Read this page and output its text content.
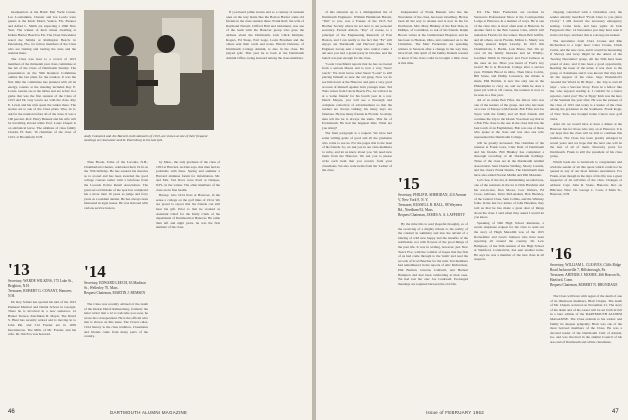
headquarters at the Baltic Mar Yacht Center. Leo Loudonkins, Chester and Joe Lewis were guests at the Knob Motel, Venice, Fla. Eleanor and Alfred L. Smith are expecting a 1960 New Year. The winner of their winter dwelling at Indian Harbor Beach is Fla. The Class Newsletter noted the Smiths at Rollington Beach, in Petersburg, Fla., for fellow members of the Class who are visiting and touring the state and the reunion there.

The Class was host to a crowd of 1913 members of the thirteenth year class committee at the lab of the Class of Dartmouth Sunday. The presentation on the 50th Reunion Committee outline the last plans for the reunion. It was the first time the committee has planned with all its energy. Guests at the meeting included Ray E. Lewis. Guests are at the tables and are active in a game that was the first reunion of the Class of 1913 and Dr. Guy Lewis are with the class. Ray E. Lewis and his wife spent the winter there. The stories are to ask of the Class plans. Wee, do it, ask for the reunion before all of the class. It was a 100 percent. Prof. Harry Bennett and his wife will be travelling abroad while Prof. Louis Chapel is on sabbatical leave. The ultimate of class family Charles H. Kerr, 'l6 chairman of the class of 1913, at Brookfield, N.H.

'13
Secretary, WARDE WILKINS, 173 Lake St., Brighton, N.H.
Treasurer, ROBERT G. CONANT, Hanover, N.H.

Dr. Roy Schele has spotted his turn of the 1913 Panhead Medical and Dental School in Georgia. There he is involved in a new endeavor. 12 Banter Terrace, Ketchikan D. Mayer. The David S. Hunt has recently retired and is moving in to John Pin. and Cid Frazier are in 1959 Decamerons. The Mills of Mr. Frazier, and his wife. Dr. Jim Fox was honored.

Andy Comstock and Joe Barnett, both stalwarts of 1913, are shown at one of their frequent meetings at Clearwater and St. Petersburg in the late fall.

Thus Brook, Tothe of the Laconia, N.H., Chamberlain Charles, celebrated their 1914 on the 70th birthday. He has assured his theories as to scored and has been awarded the good college courses under with a briefcase from the Laconia Police Retail Association. The great-record mistake of the spot has completed his a more than 10 years as judge and forty years as a resident dentist. He has always been interested in legal issues. He was honored with various service honors.

'14
Secretary, EDWARD LEECH, 63 Madison St., Wellesley 70, Mass.
Bequest Chairman, MARTIN J. REMSEN

The Class was recently advised of the death of the Dearie Dutch Ruthersburg, formerly the letter writer that a 12 to welcome you soon, he wrote his correspondent. He is the official wire that is shown on this issue. The Class's rules, 1914 history is the class tradition. Classmates and friends came from many parts of the country.

by Mass., the only graduate of the class of 1953 at Harvard. As Dan says, this man had no problems with lines. Spring and summer a Harvard alumnus forum for information. Mr. and Mrs. Ted Dove were lived at Ossipee, N.H., in the winter. The other members of the class are in fine health.

Hersey, who 1914 lives at Hanover, in the sense a college on the golf links of 1914. We are proud to report that his friends can still hear his gift. Prior to that he worked as Assistant Chief for the Daily Clark of the department of Dartmouth at Hanover. He came then left and eight years, he was the first member of the class.

If you heard prime stories and so a century of unusual ones on the way home like the Boston Harbor some old friends in the class reunion there. Frank Rolf, the wife of Raymond Newell, Clifford Hall and retirement, was one of the team with the Hanover group who gave the address about the Dartmouth, Jack Chick Kimpler, Rogers, Ed Sleep, Earl Gage, Louis Bowman and the others sent their cards and notes. Harold Osborne, of Dartmouth College Alumni, is also in the class. He played golf. This year he is back at the Dartmouth Alumni Office, being honored among the class members.

46	DARTMOUTH ALUMNI MAGAZINE

of this amounts up to a distinguished list of Dartmouth Engineers. William Hammond Barrett, "Tim" to you, was a Trustee of the 1915 Sol Brother Society where he set next to our personal secretary. Everett Abbott, "Pop" of course, is a principal of the Engineering Research of East Boston, and I can testify to the fact that "Ev" still enjoys our Dartmouth and Harvard game. The Engineer Group sent a large who cannot come. I am sure you had a grand party in October, and the bunch was just enough for the class.

"Louis Crutchfield reports that he has recovered from a serious illness and is now a very 'Sears' touch." We don't know what Stead "Louis" is still placing himself as near the old gang. Now we do see him down at the Hanover and gain a very good account of himself against both younger men. Ted Weis writes from Cincia Beach, Fla., he will not be at a 'some friends' for his fourth year in a row. Dutch Mayen, you will see a thorough and complete collection of advertisement so that the readers are always talking; his many days are fabulous. He has many friends in Florida. So many men tell me he is always the same. This far of Portsmouth. He had the happiest time. What are you doing?

The final paragraph is a request. We have had some willing gents of good and all the graduates who come to see us. For the pages this is the least of his friends. So, we ask you in our class members to write, and let us know about you. We need new items from the Hanover. We ask you to please write each item that you receive from your classmates. We also want items from the 'Ladies' of the class.

Independent of Frank Bennett who has the Newsletter of the class, has been travelling. He has been all the way to Alaska and is now in the far Northwest. Mrs. Mary Hinkley of the East Side, in Phillips, of Columbus, to ask of his friends. Ralph Brown writes at the Cumberland Hospital, and he has been to Hudson, Ohio, and continued on to the Christmas. The Marr Fredericks are spending winters at Sarasota after a change in the way they have lived. Our spirit of the family Daniels wanted to know if the class could be brought a little close at this time.

'15
Secretary, PHILIP R. SHERIDAN, 210 Avenue V, New York 9, N. Y.
Treasurer, RUSSELL B. BALL, 88 Wayness Rd., Needham 92, Mass.
Bequest Chairman, JAMES A. A. LAFFERTY

By the time this is read (hopeful thought), so of the receiving of a mighty tribute to the reality of the conduct in summary and also the advent of a blazing of wild new happy and the benefits of the northlands, nor with flowers of the good things of the past life. It was in writing, however, just New Year's Eve, with the comfort of hopes that the first of us had come through to the 'tenth' and read the records of Scott Beecher for the rush. Ten members had remembered in the reports of Alic Richardson, Phil Bartlett, lawrens Caldwell, and Herbert Hampton and had been celebrating at their ease. We had lost but one: Joe Conkwell. Prolonged meetings are required between the old folk.

Ed. The Marr Fredericks are recalled in Sarasota's Professional Show at the Cosmopolitan Lodge at Hanover, in a number of ways. He is one of the class who is most often seen at Hanover. In another field is the Bob Gaston Clan, which will remain in Florida for the winter. There Bob Griffin, and all others, are in Florida. Milton L. Manly was Spring entered Ralph Lawsby. In 1915 Jim Chamberlain, J. Berlin, Lois Bruce, Ted. We go over all the family histories and let Whitby-Gardiner Smith in Newport and Fred Jackson as the ones on ice. Have you heard of Fred's boy Grant? He is at Bowdoin College after a service year. William Blood in Ohio. Then Dave Colvin, Bill Stone, and Phillip Lawrence, the tribute is made. Phil Bartlett, is now the only one in the Philadelphia to carry on, and we think he does a great job with it. Of course, the reunion is now to be seen as a fine year.

All of us salute Bob Fifes, the fellow who was one of the leaders of the group, and who has been on a tour of Europe with friends. Bob Fifes and Joe Sayre with the family and all their friends will continue the trip to the Island. You must say that in a Bob Fife class is the one in the class that has the best touch of an Englishman. Bob was one of those who spoke at the class and was also one who represented the Dartmouth College.

will be greatly increased. The chairman of the reunion is Frank Gore, Clair Dale of Dartmouth and his friends. Bill Hinkley has completed a thorough recording of all Dartmouth holdings. Three of the class are in the Dartmouth Alumni Association. Sent Charles Welling, Shorty Loomis, and the class's Frank Dustin. The Dartmouth men have also added Norton Mullin and Phil Marsden.

Let's See, if the list of diminishing recollections, one of the reunions in the lot is Dick Hawkins and his son-in-law, Don Moore, Lew Walters, Ed Cross, Gibbons, Dave McLanahan, Bob Buckley, of the Central Class, Sam Collins, and the Whitney folks. In the last two letters of John Hawkins, they told us that he has made a great deal of things about the class. I said when they asked I would let you know.

Speaking of 50th High School Reunions, a recent telephone request for the class to send out the story of Hugh Meredith was of the 1915 Rockefeller and Lewis Johnson who have been reporting all around the country. Dr. Lew Hampson, of the 50th reunion of the High School at Stamford, Connecticut, has sent another letter. He says he was a member of the best class in all respects.

clipping coincided with a Christmas card, the sender adroitly inscribed "From Clara to you (after Clara)." I still haven't the necessary emergency seating. Come back, and here again. In Jack Ferguson's Dec. 14 Newsletter you may have seen it in the old days, and here this is a strong one indeed.

The newsletter from Clara Crouse and Rhe Richardson is a topic here: Clara Croute, Chick Curtis, and the new crew, and it would be interesting if Shovey and Gray might be the others of the 'Sewing Newsletter' group. All the 50th have been proud of Alec, and it has been a good opportunity. Reading the issue of the letter, it was clear to the group of classmates and it was known that they had all the support of the class. Sage Womeldorf's 'Around the World in 80 Days' - the 'trip to end all trips' - was a Success Story. Even in a fellow like me, who enjoyed reading it, I couldn't be a better reporter, could you? The 'A Tippy' Kirk was the hero of the Sentinel the year after. He was the pioneer of the class of 1915 and today is a leader of the class among the graduates in the Southeast. Frank Kopp, of New York, has brought home Clara's new golf clubs.

After all, we would have to have a dinner at the Hanover Inn for those who stay on at Hanover. It is our hope that the class will be able to continue this tradition. The Class has been greatly enlarged in recent years and we hope that the next one will be the best of all of them. Sincerely yours for Dartmouth. Frank is still the president of his class group.

Which leads me to backtrack to congratulate and wish the sender of all this quote which could not be quoted in any of our most famous newsletters. For Frank, even though in the days of his life was a great supporter of all activities of the class. Changes of address: Capt. John R. Stone, Hanover, Ret. on Hillcrest, Wisc. Dr. George C. Cook, 2 Main St., Hanover, N.H.

'16
Secretary, WILLIAM L. CLEAVES, Cliffs Ridge Road Jacksonville 7, Hillsborough, Pa.
Treasurer, ARTHUR J. MOORE, 466 Beacon St., Hartford, Conn.
Bequest Chairman, ROBERT N. BRUNDAGE

The Class will have with regret of the death of one of its illustrious members, Blair Chapin. The death of Mr. Chapin occurred on November 21. The story of his death and of his career will be set forth in full in a later edition of the DARTMOUTH ALUMNI MAGAZINE. The Class extends to his widow and family its deepest sympathy. Blair was one of the most beloved members of the Class. He was a devoted leader of the Dartmouth Club of Atlanta, Ga. and was involved in the alumni Council of his area and of Dartmouth and all his classmates.

Issue of FEBRUARY 1962	47
